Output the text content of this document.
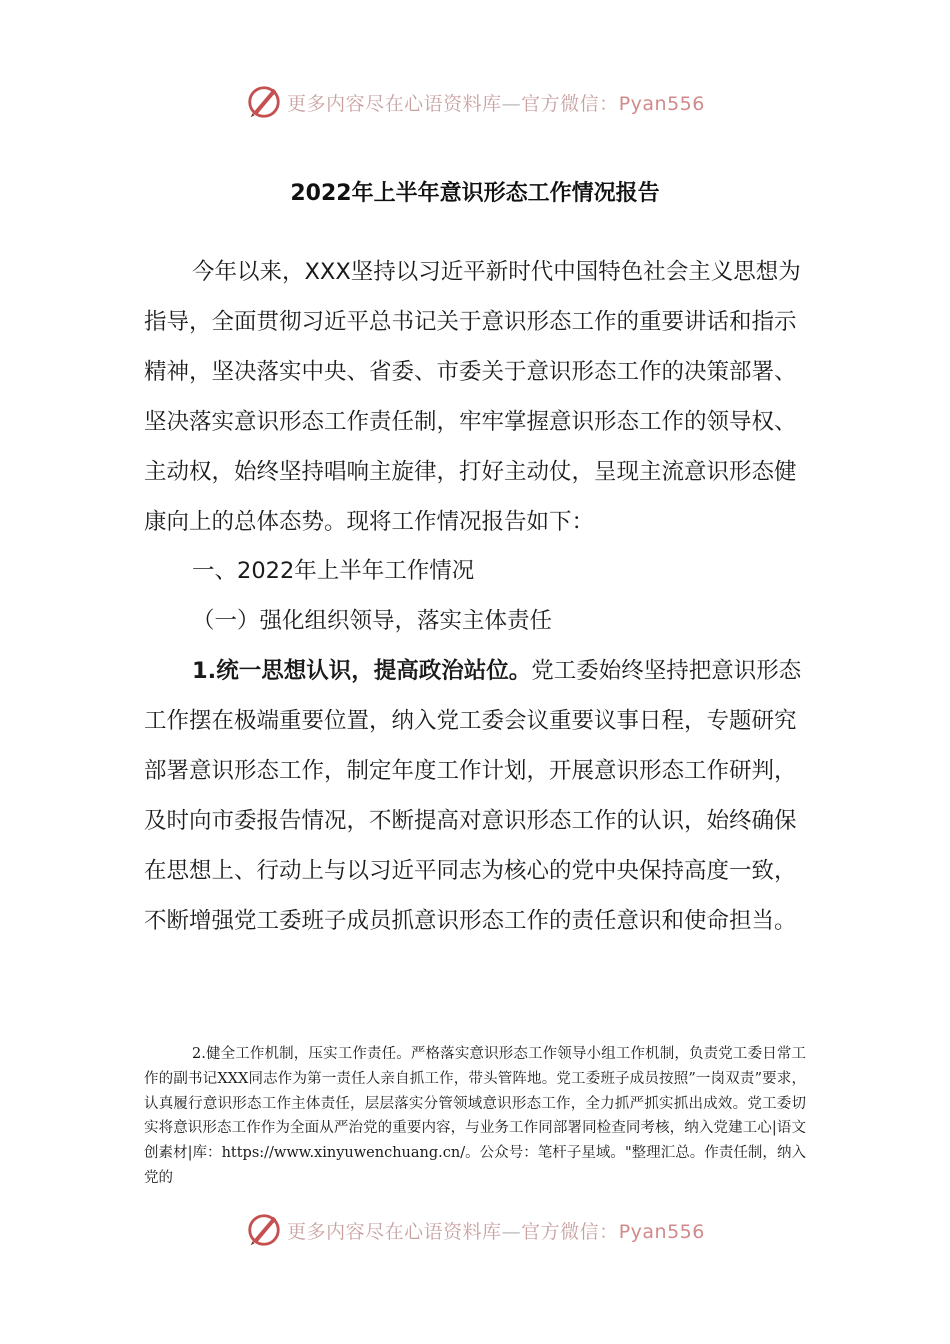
更多内容尽在心语资料库—官方微信：Pyan556
2022年上半年意识形态工作情况报告

今年以来，XXX坚持以习近平新时代中国特色社会主义思想为指导，全面贯彻习近平总书记关于意识形态工作的重要讲话和指示精神，坚决落实中央、省委、市委关于意识形态工作的决策部署、坚决落实意识形态工作责任制，牢牢掌握意识形态工作的领导权、主动权，始终坚持唱响主旋律，打好主动仗，呈现主流意识形态健康向上的总体态势。现将工作情况报告如下：

一、2022年上半年工作情况

（一）强化组织领导，落实主体责任

1.统一思想认识，提高政治站位。党工委始终坚持把意识形态工作摆在极端重要位置，纳入党工委会议重要议事日程，专题研究部署意识形态工作，制定年度工作计划，开展意识形态工作研判，及时向市委报告情况，不断提高对意识形态工作的认识，始终确保在思想上、行动上与以习近平同志为核心的党中央保持高度一致，不断增强党工委班子成员抓意识形态工作的责任意识和使命担当。

2.健全工作机制，压实工作责任。严格落实意识形态工作领导小组工作机制，负责党工委日常工作的副书记XXX同志作为第一责任人亲自抓工作，带头管阵地。党工委班子成员按照”一岗双责”要求，认真履行意识形态工作主体责任，层层落实分管领域意识形态工作，全力抓严抓实抓出成效。党工委切实将意识形态工作作为全面从严治党的重要内容，与业务工作同部署同检查同考核，纳入党建工心|语文创素材|库：https://www.xinyuwenchuang.cn/。公众号：笔杆子星域。"整理汇总。作责任制，纳入党的

更多内容尽在心语资料库—官方微信：Pyan556
